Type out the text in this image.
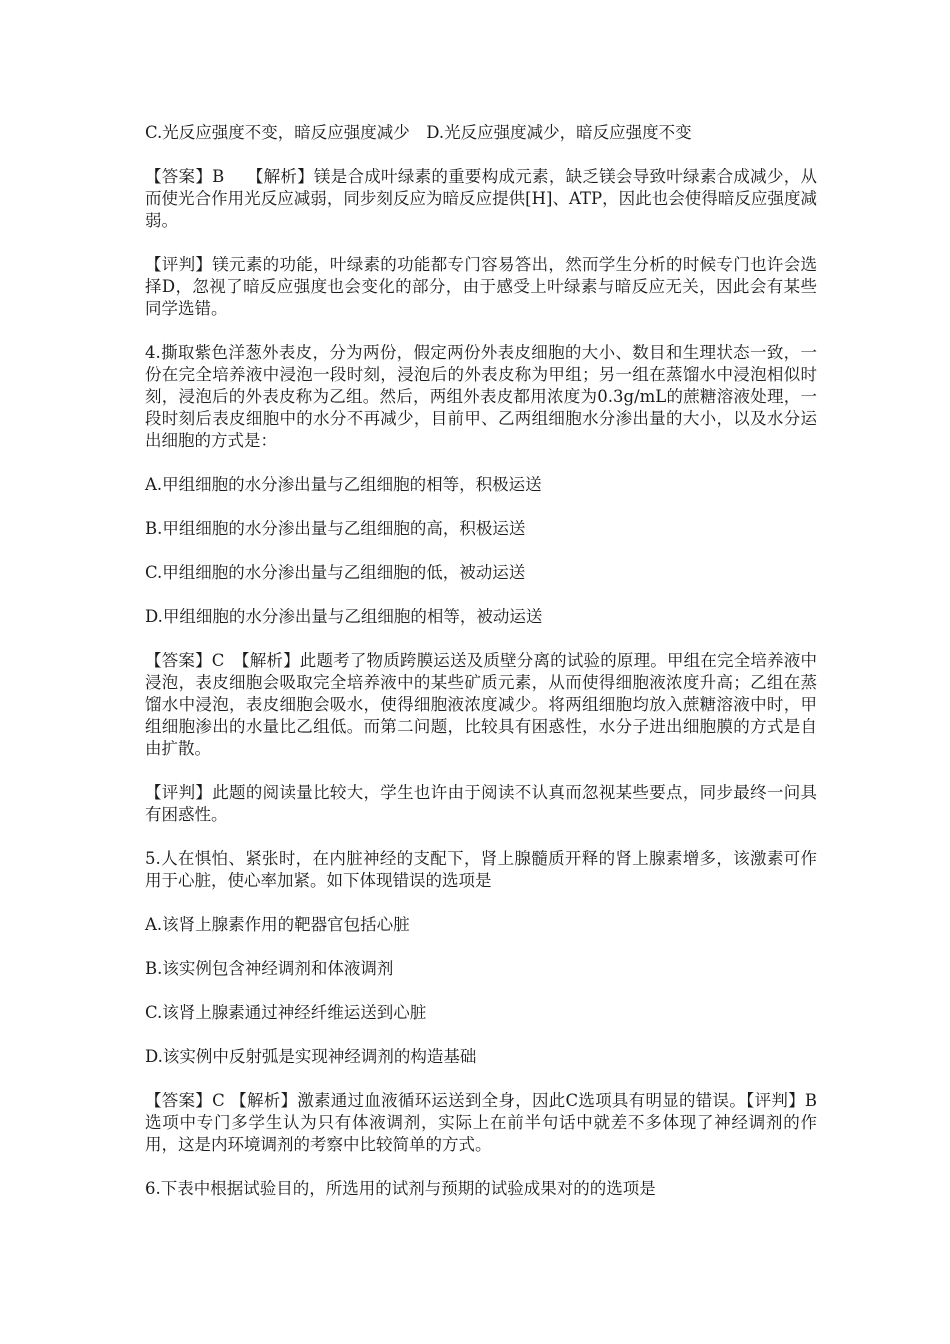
C.光反应强度不变，暗反应强度减少　D.光反应强度减少，暗反应强度不变

【答案】B　 【解析】镁是合成叶绿素的重要构成元素，缺乏镁会导致叶绿素合成减少，从而使光合作用光反应减弱，同步刻反应为暗反应提供[H]、ATP，因此也会使得暗反应强度减弱。

【评判】镁元素的功能，叶绿素的功能都专门容易答出，然而学生分析的时候专门也许会选择D，忽视了暗反应强度也会变化的部分，由于感受上叶绿素与暗反应无关，因此会有某些同学选错。

4.撕取紫色洋葱外表皮，分为两份，假定两份外表皮细胞的大小、数目和生理状态一致，一份在完全培养液中浸泡一段时刻，浸泡后的外表皮称为甲组；另一组在蒸馏水中浸泡相似时刻，浸泡后的外表皮称为乙组。然后，两组外表皮都用浓度为0.3g/mL的蔗糖溶液处理，一段时刻后表皮细胞中的水分不再减少，目前甲、乙两组细胞水分渗出量的大小，以及水分运出细胞的方式是：

A.甲组细胞的水分渗出量与乙组细胞的相等，积极运送

B.甲组细胞的水分渗出量与乙组细胞的高，积极运送

C.甲组细胞的水分渗出量与乙组细胞的低，被动运送

D.甲组细胞的水分渗出量与乙组细胞的相等，被动运送

【答案】C　【解析】此题考了物质跨膜运送及质壁分离的试验的原理。甲组在完全培养液中浸泡，表皮细胞会吸取完全培养液中的某些矿质元素，从而使得细胞液浓度升高；乙组在蒸馏水中浸泡，表皮细胞会吸水，使得细胞液浓度减少。将两组细胞均放入蔗糖溶液中时，甲组细胞渗出的水量比乙组低。而第二问题，比较具有困惑性，水分子进出细胞膜的方式是自由扩散。

【评判】此题的阅读量比较大，学生也许由于阅读不认真而忽视某些要点，同步最终一问具有困惑性。

5.人在惧怕、紧张时，在内脏神经的支配下，肾上腺髓质开释的肾上腺素增多，该激素可作用于心脏，使心率加紧。如下体现错误的选项是

A.该肾上腺素作用的靶器官包括心脏

B.该实例包含神经调剂和体液调剂

C.该肾上腺素通过神经纤维运送到心脏

D.该实例中反射弧是实现神经调剂的构造基础

【答案】C 【解析】激素通过血液循环运送到全身，因此C选项具有明显的错误。【评判】B选项中专门多学生认为只有体液调剂，实际上在前半句话中就差不多体现了神经调剂的作用，这是内环境调剂的考察中比较简单的方式。

6.下表中根据试验目的，所选用的试剂与预期的试验成果对的的选项是
